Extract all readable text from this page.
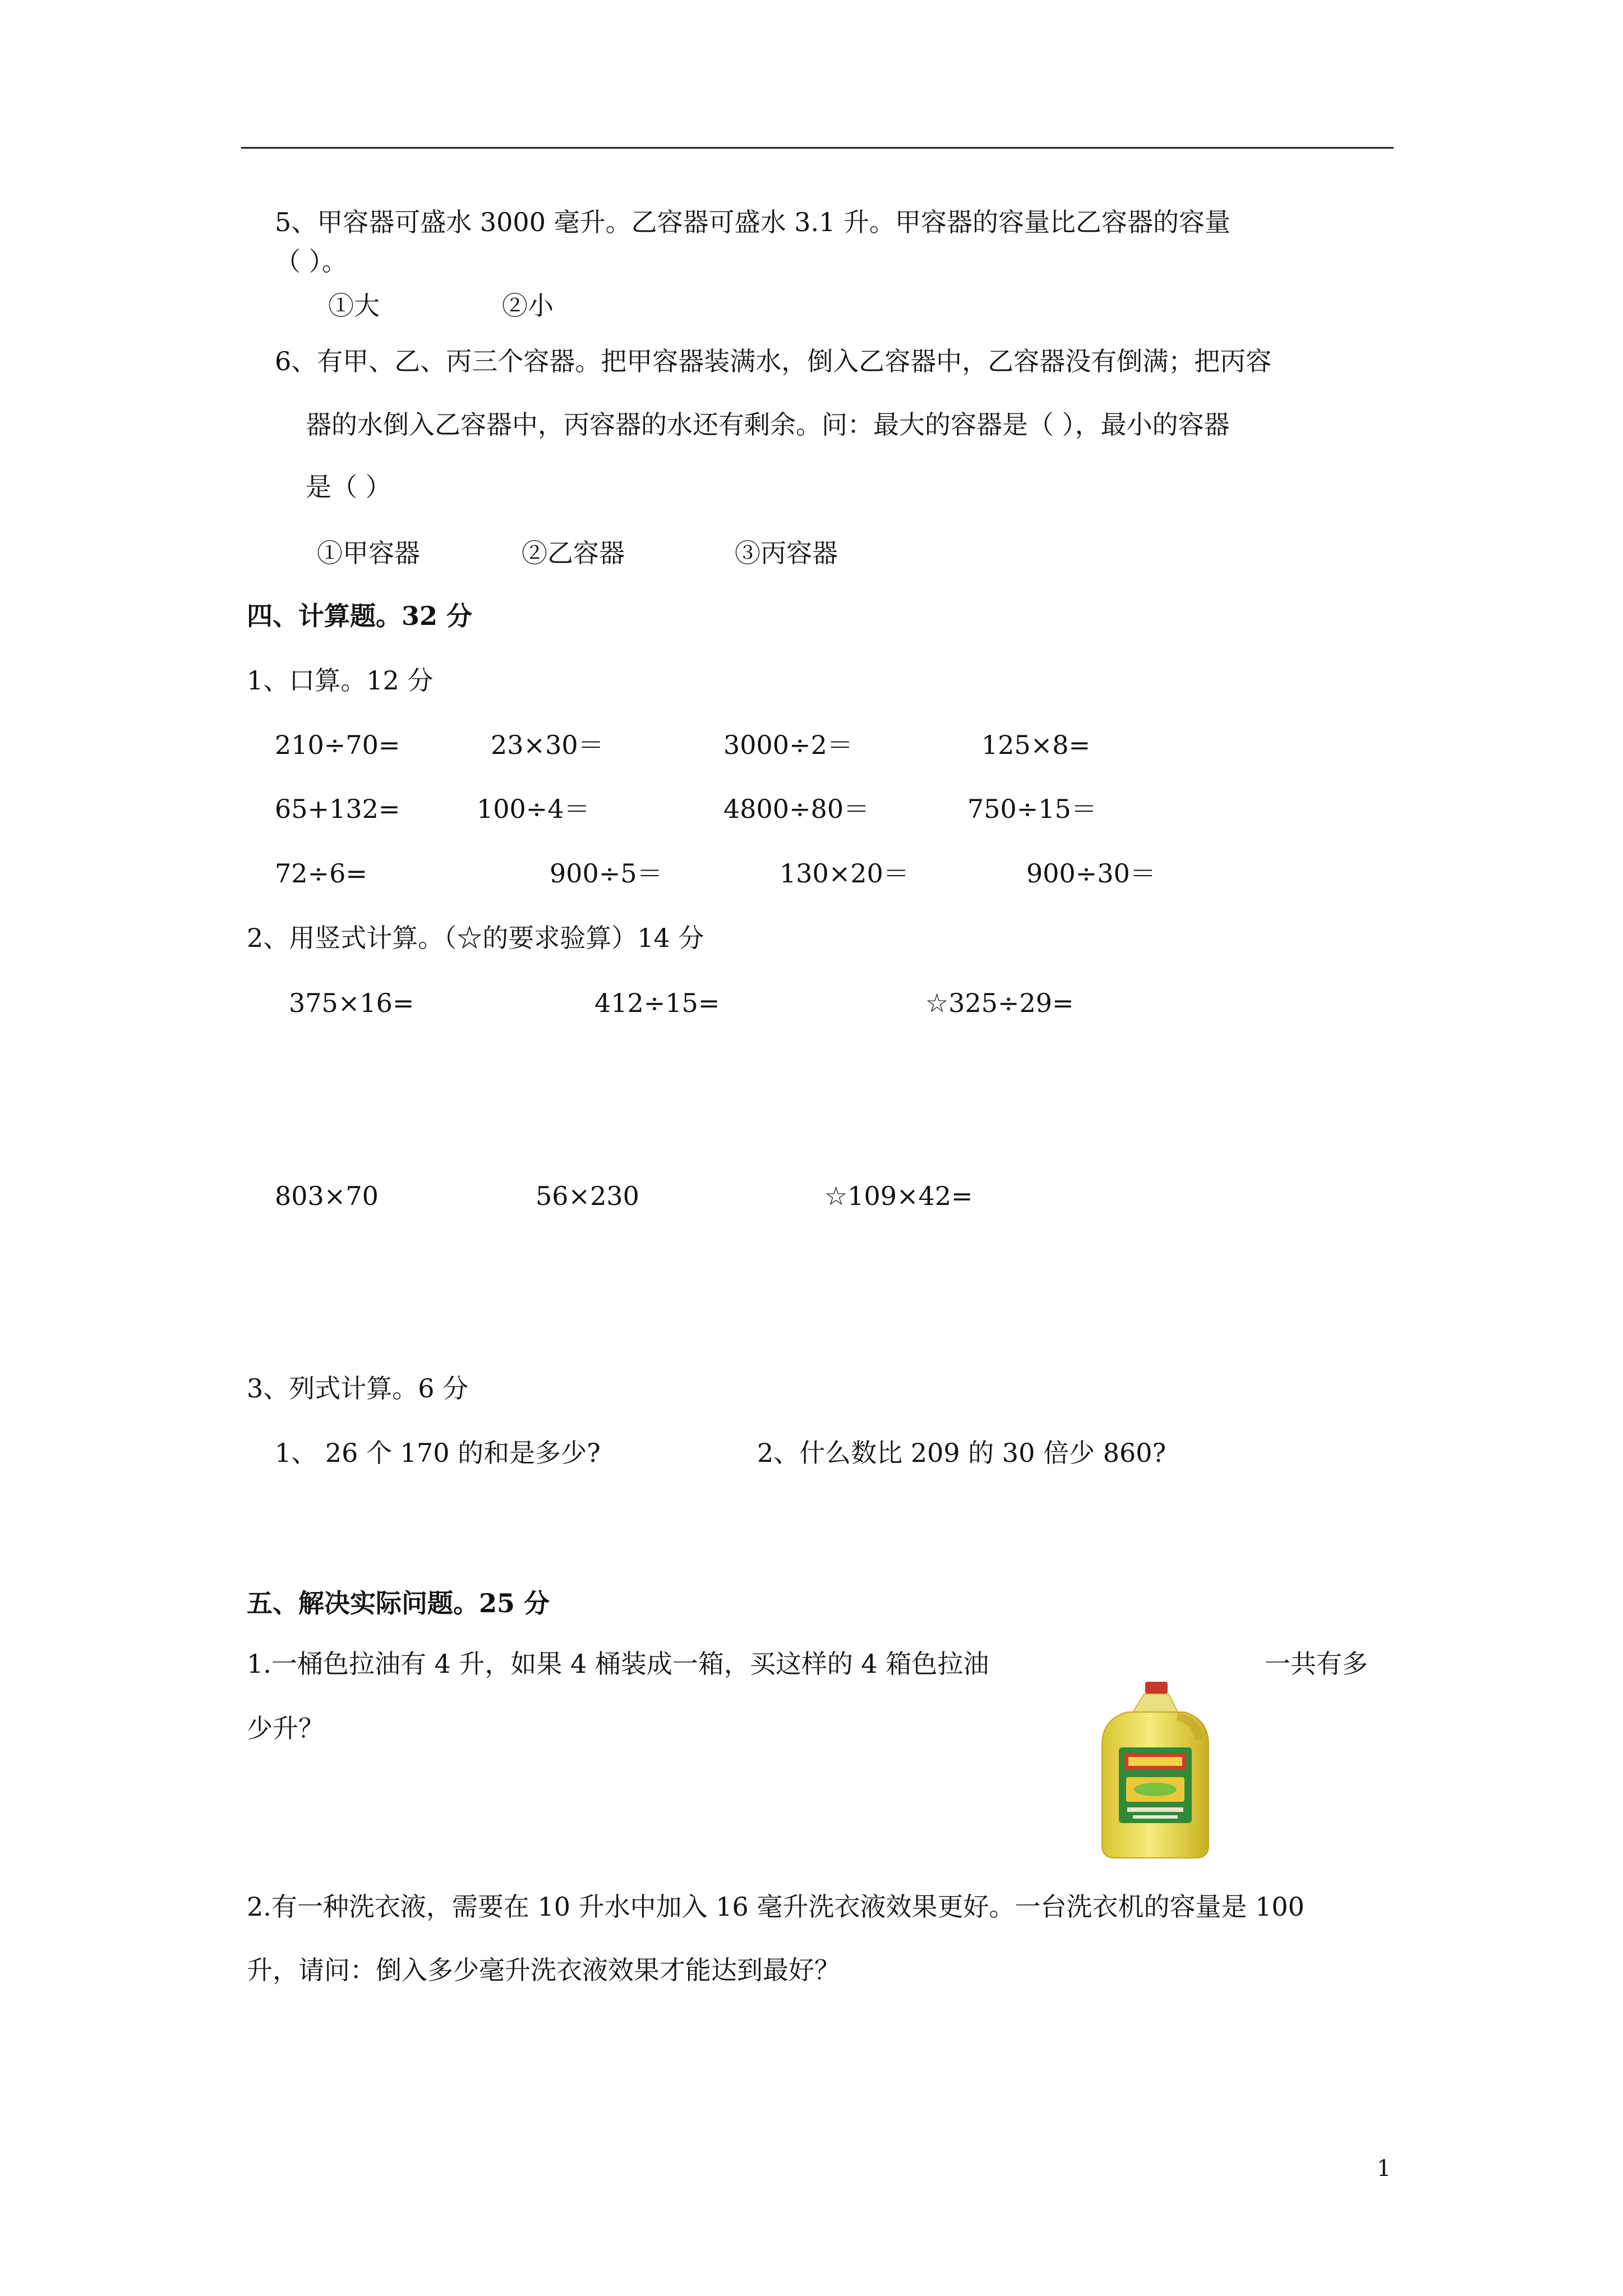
5、甲容器可盛水 3000 毫升。乙容器可盛水 3.1 升。甲容器的容量比乙容器的容量
（ ）。
①大	②小
6、有甲、乙、丙三个容器。把甲容器装满水，倒入乙容器中，乙容器没有倒满；把丙容
器的水倒入乙容器中，丙容器的水还有剩余。问：最大的容器是（ ），最小的容器
是（ ）
①甲容器	②乙容器	③丙容器
四、计算题。32 分
1、口算。12 分
210÷70=	23×30＝	3000÷2＝	125×8=
65+132=	100÷4＝	4800÷80＝	750÷15＝
72÷6=	900÷5＝	130×20＝	900÷30＝
2、用竖式计算。（☆的要求验算）14 分
375×16=	412÷15=	☆325÷29=
803×70	56×230	☆109×42=
3、列式计算。6 分
1、 26 个 170 的和是多少?	2、什么数比 209 的 30 倍少 860?
五、解决实际问题。25 分
1.一桶色拉油有 4 升，如果 4 桶装成一箱，买这样的 4 箱色拉油	一共有多
少升？
2.有一种洗衣液，需要在 10 升水中加入 16 毫升洗衣液效果更好。一台洗衣机的容量是 100
升，请问：倒入多少毫升洗衣液效果才能达到最好？
1
